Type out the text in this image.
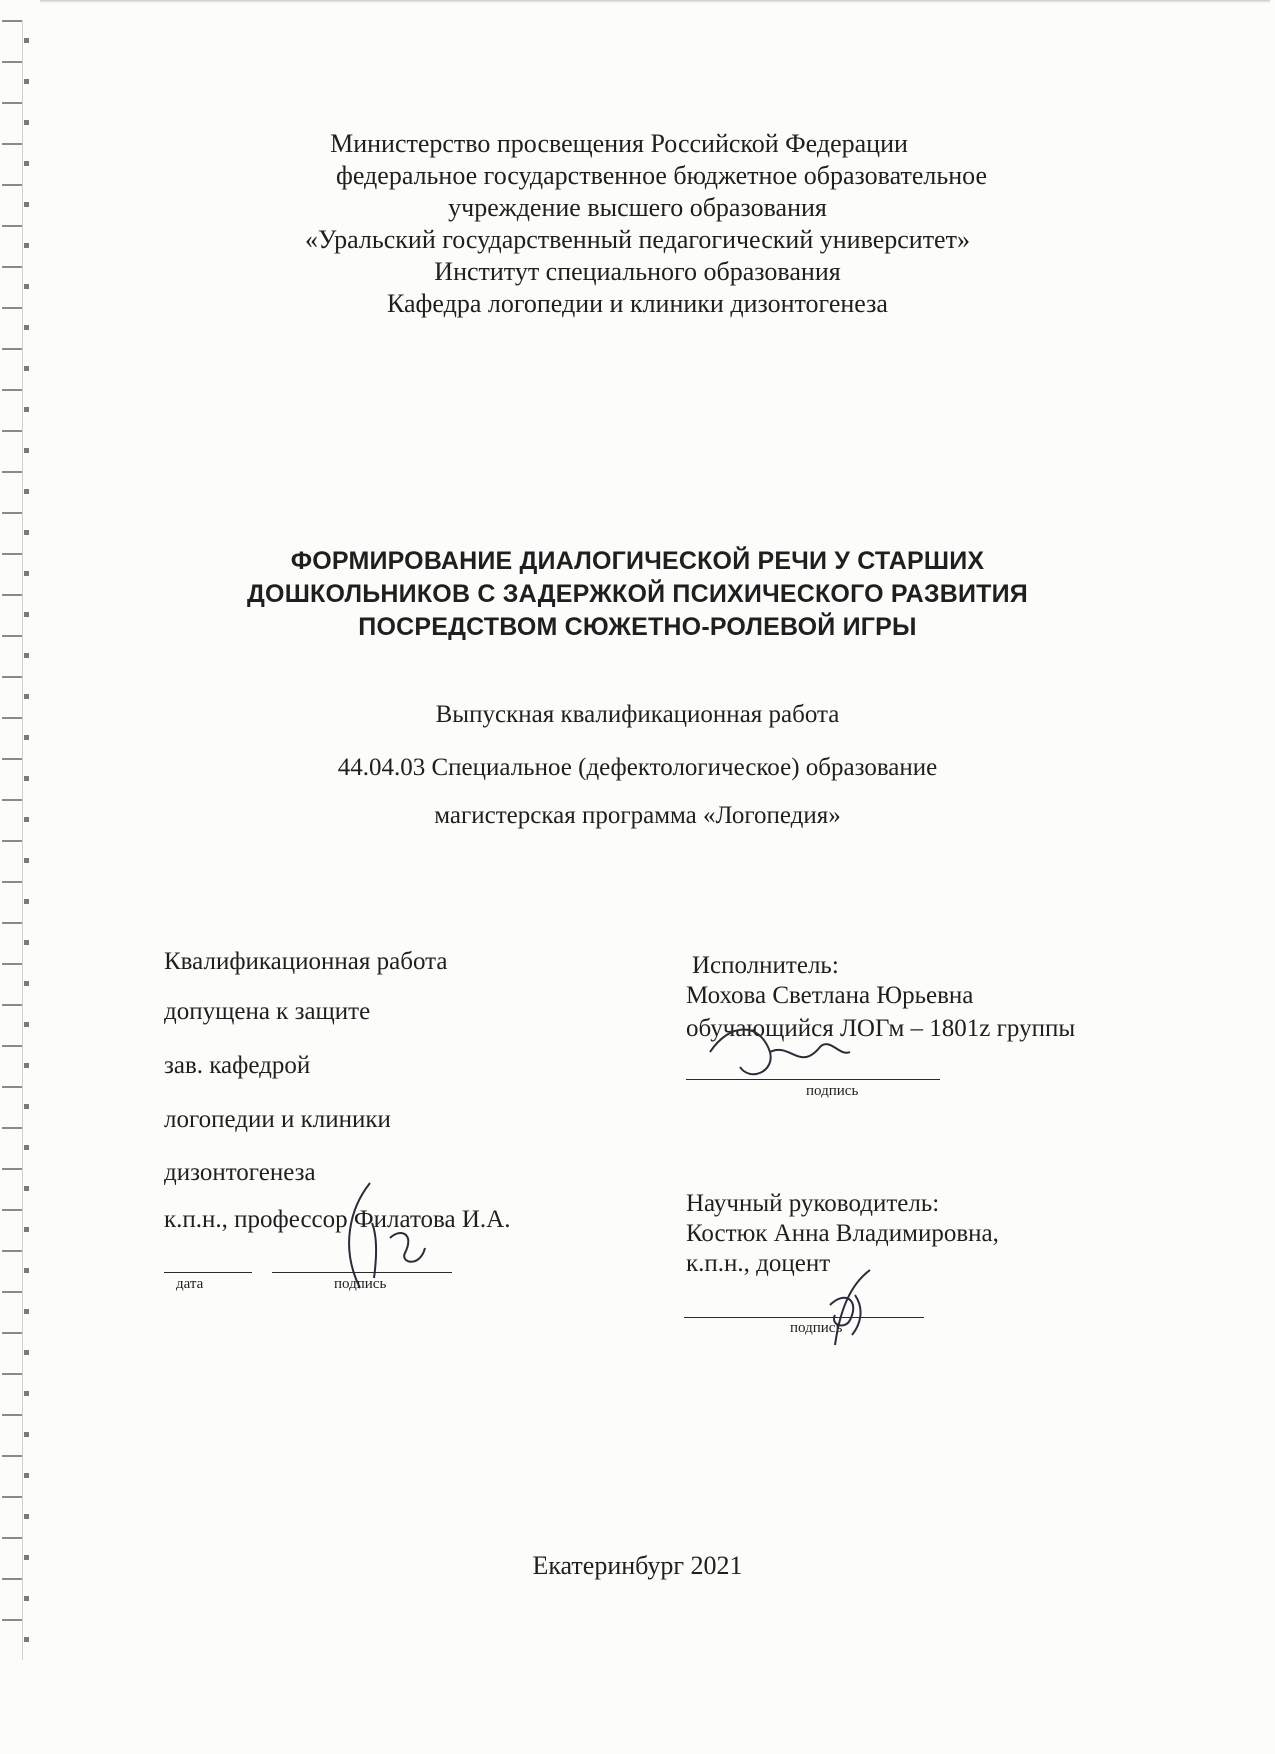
Министерство просвещения Российской Федерации
федеральное государственное бюджетное образовательное
учреждение высшего образования
«Уральский государственный педагогический университет»
Институт специального образования
Кафедра логопедии и клиники дизонтогенеза
ФОРМИРОВАНИЕ ДИАЛОГИЧЕСКОЙ РЕЧИ У СТАРШИХ
ДОШКОЛЬНИКОВ С ЗАДЕРЖКОЙ ПСИХИЧЕСКОГО РАЗВИТИЯ
ПОСРЕДСТВОМ СЮЖЕТНО-РОЛЕВОЙ ИГРЫ
Выпускная квалификационная работа
44.04.03 Специальное (дефектологическое) образование
магистерская программа «Логопедия»
Квалификационная работа
допущена к защите
зав. кафедрой
логопедии и клиники
дизонтогенеза
к.п.н., профессор Филатова И.А.
дата	подпись
Исполнитель:
Мохова Светлана Юрьевна
обучающийся ЛОГм – 1801z группы
подпись
Научный руководитель:
Костюк Анна Владимировна,
к.п.н., доцент
подпись
Екатеринбург 2021
